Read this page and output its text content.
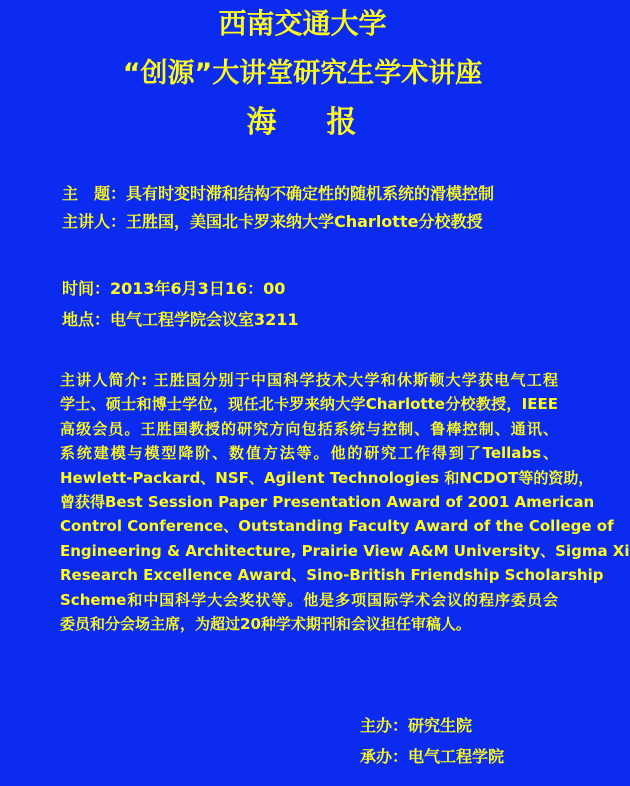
西南交通大学
“创源”大讲堂研究生学术讲座
海 报
主　题：具有时变时滞和结构不确定性的随机系统的滑模控制
主讲人：王胜国，美国北卡罗来纳大学Charlotte分校教授
时间：2013年6月3日16：00
地点：电气工程学院会议室3211
主讲人简介: 王胜国分别于中国科学技术大学和休斯顿大学获电气工程
学士、硕士和博士学位，现任北卡罗来纳大学Charlotte分校教授，IEEE
高级会员。王胜国教授的研究方向包括系统与控制、鲁棒控制、通讯、
系统建模与模型降阶、数值方法等。他的研究工作得到了Tellabs、
Hewlett-Packard、NSF、Agilent Technologies 和NCDOT等的资助，
曾获得Best Session Paper Presentation Award of 2001 American
Control Conference、Outstanding Faculty Award of the College of
Engineering & Architecture, Prairie View A&M University、Sigma Xi
Research Excellence Award、Sino-British Friendship Scholarship
Scheme和中国科学大会奖状等。他是多项国际学术会议的程序委员会
委员和分会场主席，为超过20种学术期刊和会议担任审稿人。
主办：研究生院
承办：电气工程学院
